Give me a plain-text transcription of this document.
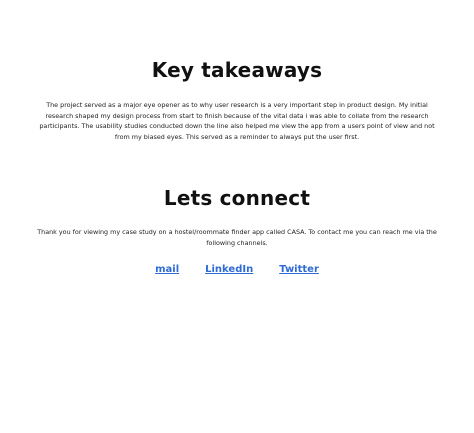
Key takeaways

The project served as a major eye opener as to why user research is a very important step in product design. My initial research shaped my design process from start to finish because of the vital data i was able to collate from the research participants. The usability studies conducted down the line also helped me view the app from a users point of view and not from my biased eyes. This served as a reminder to always put the user first.

Lets connect

Thank you for viewing my case study on a hostel/roommate finder app called CASA. To contact me you can reach me via the following channels.

mail	LinkedIn	Twitter
